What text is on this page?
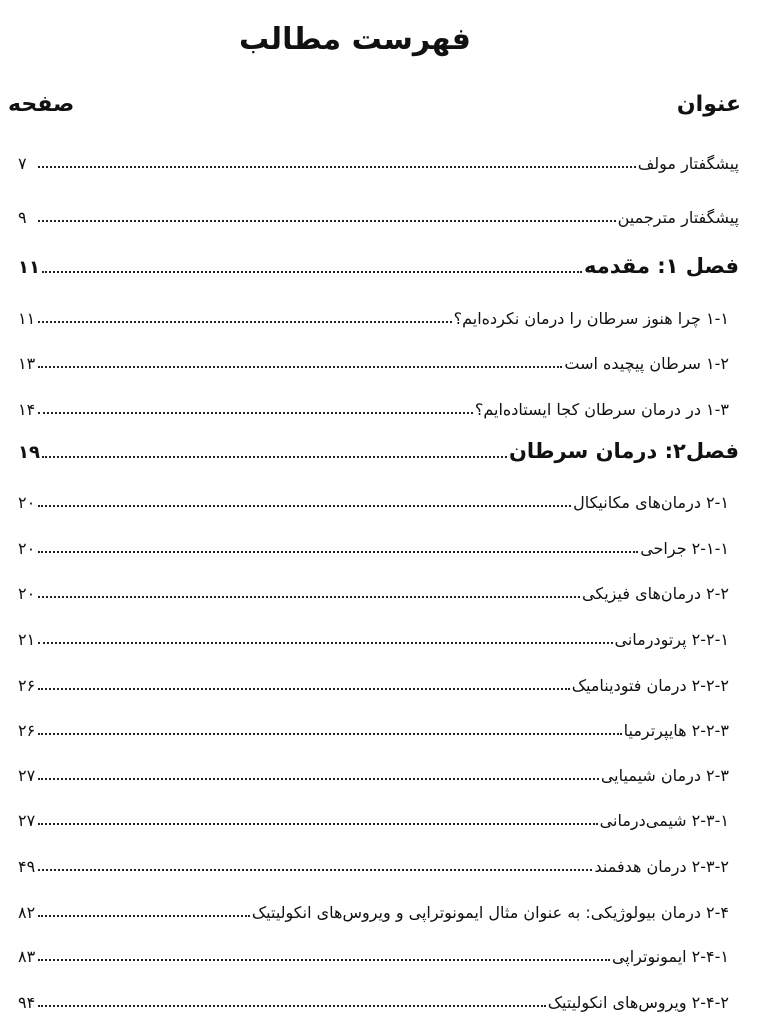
فهرست مطالب
عنوان
صفحه
پیشگفتار مولف
۷
پیشگفتار مترجمین
۹
فصل ۱: مقدمه
۱۱
۱-۱ چرا هنوز سرطان را درمان نکرده‌ایم؟
۱۱
۱-۲ سرطان پیچیده است
۱۳
۱-۳ در درمان سرطان کجا ایستاده‌ایم؟
۱۴
فصل۲: درمان سرطان
۱۹
۲-۱ درمان‌های مکانیکال
۲۰
۲-۱-۱ جراحی
۲۰
۲-۲ درمان‌های فیزیکی
۲۰
۲-۲-۱ پرتودرمانی
۲۱
۲-۲-۲ درمان فتودینامیک
۲۶
۲-۲-۳ هایپرترمیا
۲۶
۲-۳ درمان شیمیایی
۲۷
۲-۳-۱ شیمی‌درمانی
۲۷
۲-۳-۲ درمان هدفمند
۴۹
۲-۴ درمان بیولوژیکی: به عنوان مثال ایمونوتراپی و ویروس‌های انکولیتیک
۸۲
۲-۴-۱ ایمونوتراپی
۸۳
۲-۴-۲ ویروس‌های انکولیتیک
۹۴
